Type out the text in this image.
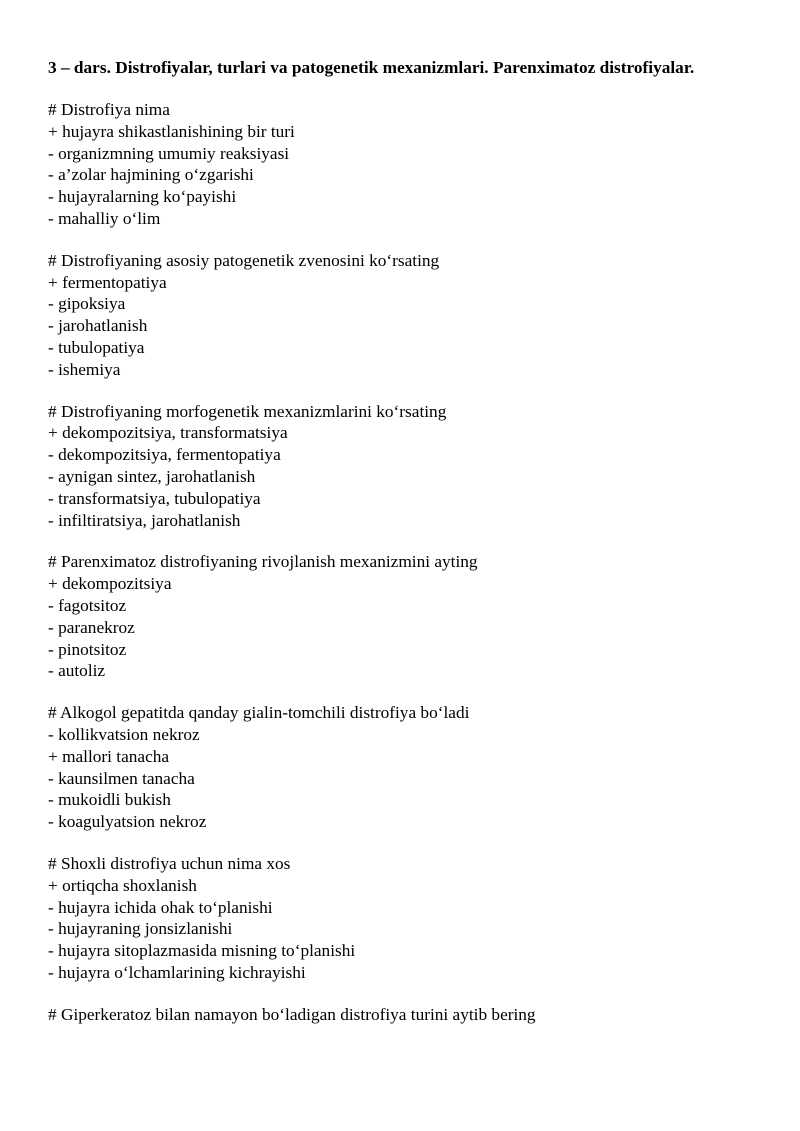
3 – dars. Distrofiyalar, turlari va patogenetik mexanizmlari. Parenximatoz distrofiyalar.

# Distrofiya nima
+ hujayra shikastlanishining bir turi
- organizmning umumiy reaksiyasi
- a’zolar hajmining o‘zgarishi
- hujayralarning ko‘payishi
- mahalliy o‘lim
# Distrofiyaning asosiy patogenetik zvenosini ko‘rsating
+ fermentopatiya
- gipoksiya
- jarohatlanish
- tubulopatiya
- ishemiya
# Distrofiyaning morfogenetik mexanizmlarini ko‘rsating
+ dekompozitsiya, transformatsiya
- dekompozitsiya, fermentopatiya
- aynigan sintez, jarohatlanish
- transformatsiya, tubulopatiya
- infiltiratsiya, jarohatlanish
# Parenximatoz distrofiyaning rivojlanish mexanizmini ayting
+ dekompozitsiya
- fagotsitoz
- paranekroz
- pinotsitoz
- autoliz
# Alkogol gepatitda qanday gialin-tomchili distrofiya bo‘ladi
- kollikvatsion nekroz
+ mallori tanacha
- kaunsilmen tanacha
- mukoidli bukish
- koagulyatsion nekroz
# Shoxli distrofiya uchun nima xos
+ ortiqcha shoxlanish
- hujayra ichida ohak to‘planishi
- hujayraning jonsizlanishi
- hujayra sitoplazmasida misning to‘planishi
- hujayra o‘lchamlarining kichrayishi
# Giperkeratoz bilan namayon bo‘ladigan distrofiya turini aytib bering
